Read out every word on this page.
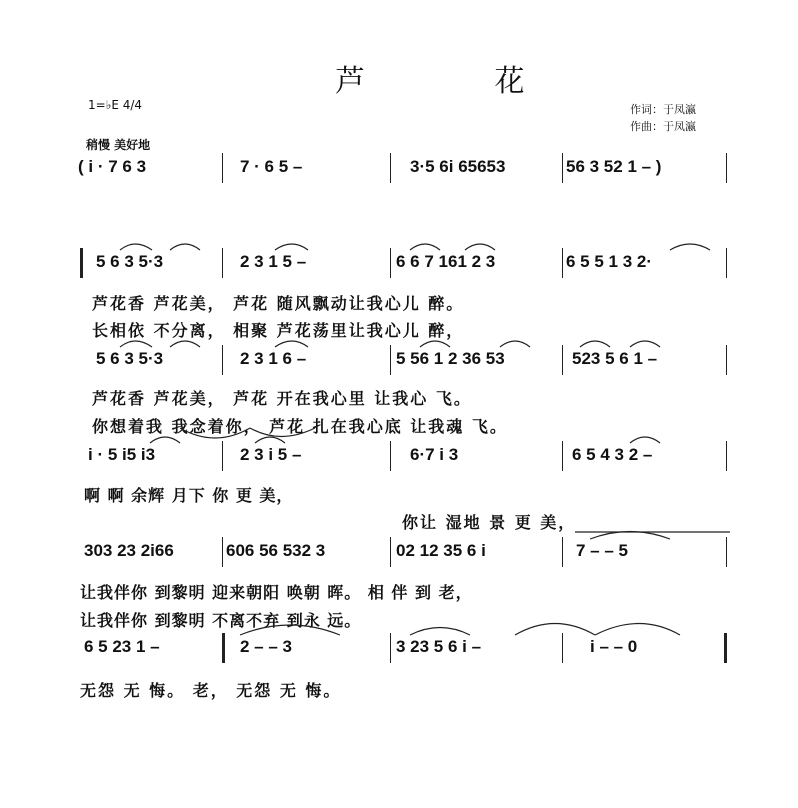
芦 花
1=♭E 4/4
稍慢 美好地
作词：于凤瀛
作曲：于凤瀛
( i · 7 6 3	7 · 6 5 –	3·5 6i 65653	56 3 52 1 – )
5 6 3 5·3	2 3 1 5 –	6 6 7 161 2 3	6 5 5 1 3 2·
芦花香 芦花美， 芦花 随风飘动让我心儿 醉。
长相依 不分离， 相聚 芦花荡里让我心儿 醉，
5 6 3 5·3	2 3 1 6 –	5 56 1 2 36 53	523 5 6 1 –
芦花香 芦花美， 芦花 开在我心里 让我心 飞。
你想着我 我念着你， 芦花 扎在我心底 让我魂 飞。
i · 5 i5 i3	2 3 i 5 –	6·7 i 3	6 5 4 3 2 –
啊 啊 余辉 月下 你 更 美，
你让 湿地 景 更 美，
303 23 2i66	606 56 532 3	02 12 35 6 i	7 – – 5
让我伴你 到黎明 迎来朝阳 唤朝 晖。 相 伴 到 老，
让我伴你 到黎明 不离不弃 到永 远。
6 5 23 1 –	2 – – 3	3 23 5 6 i –	i – – 0
无怨 无 悔。 老， 无怨 无 悔。
